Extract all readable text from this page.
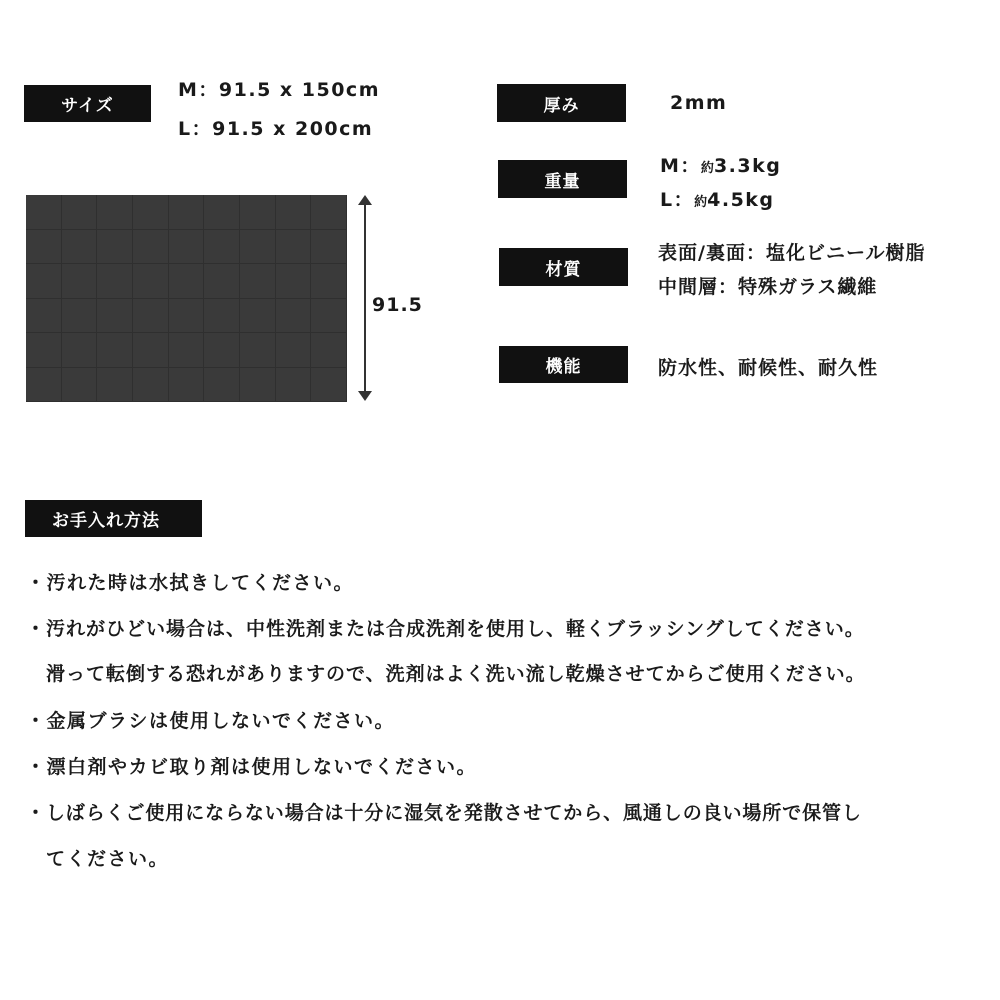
サイズ
M：91.5 x 150cm
L：91.5 x 200cm
91.5
厚み	2mm
重量
M：約3.3kg
L：約4.5kg
材質
表面/裏面：塩化ビニール樹脂
中間層：特殊ガラス繊維
機能	防水性、耐候性、耐久性
お手入れ方法
・汚れた時は水拭きしてください。
・汚れがひどい場合は、中性洗剤または合成洗剤を使用し、軽くブラッシングしてください。
滑って転倒する恐れがありますので、洗剤はよく洗い流し乾燥させてからご使用ください。
・金属ブラシは使用しないでください。
・漂白剤やカビ取り剤は使用しないでください。
・しばらくご使用にならない場合は十分に湿気を発散させてから、風通しの良い場所で保管し
てください。
